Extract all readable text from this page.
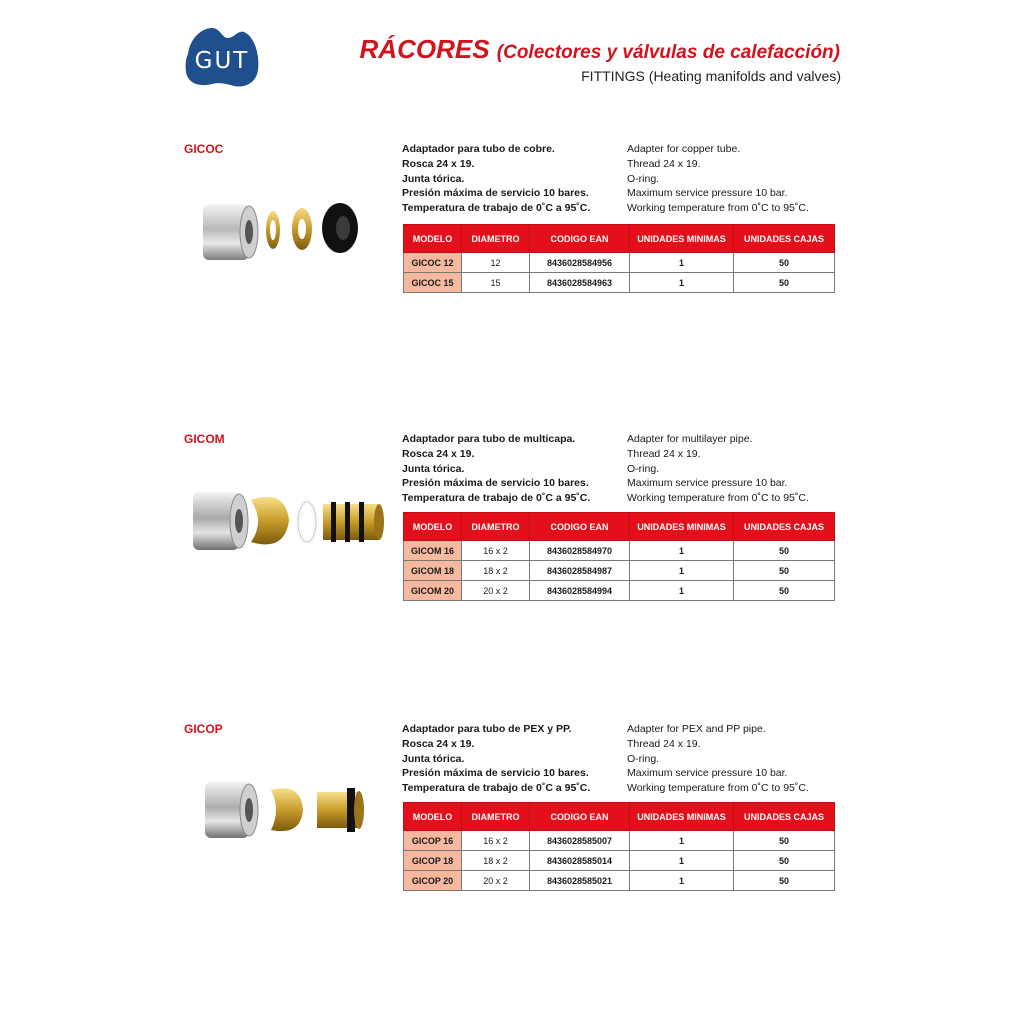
GUT	RÁCORES (Colectores y válvulas de calefacción)
FITTINGS (Heating manifolds and valves)
GICOC	Adaptador para tubo de cobre.
Rosca 24 x 19.
Junta tórica.
Presión máxima de servicio 10 bares.
Temperatura de trabajo de 0˚C a 95˚C.
Adapter for copper tube.
Thread 24 x 19.
O-ring.
Maximum service pressure 10 bar.
Working temperature from 0˚C to 95˚C.
MODELO	DIAMETRO	CODIGO EAN	UNIDADES MINIMAS	UNIDADES CAJAS
GICOC 12	12	8436028584956	1	50
GICOC 15	15	8436028584963	1	50
GICOM	Adaptador para tubo de multicapa.
Rosca 24 x 19.
Junta tórica.
Presión máxima de servicio 10 bares.
Temperatura de trabajo de 0˚C a 95˚C.
Adapter for multilayer pipe.
Thread 24 x 19.
O-ring.
Maximum service pressure 10 bar.
Working temperature from 0˚C to 95˚C.
MODELO	DIAMETRO	CODIGO EAN	UNIDADES MINIMAS	UNIDADES CAJAS
GICOM 16	16 x 2	8436028584970	1	50
GICOM 18	18 x 2	8436028584987	1	50
GICOM 20	20 x 2	8436028584994	1	50
GICOP	Adaptador para tubo de PEX y PP.
Rosca 24 x 19.
Junta tórica.
Presión máxima de servicio 10 bares.
Temperatura de trabajo de 0˚C a 95˚C.
Adapter for PEX and PP pipe.
Thread 24 x 19.
O-ring.
Maximum service pressure 10 bar.
Working temperature from 0˚C to 95˚C.
MODELO	DIAMETRO	CODIGO EAN	UNIDADES MINIMAS	UNIDADES CAJAS
GICOP 16	16 x 2	8436028585007	1	50
GICOP 18	18 x 2	8436028585014	1	50
GICOP 20	20 x 2	8436028585021	1	50
